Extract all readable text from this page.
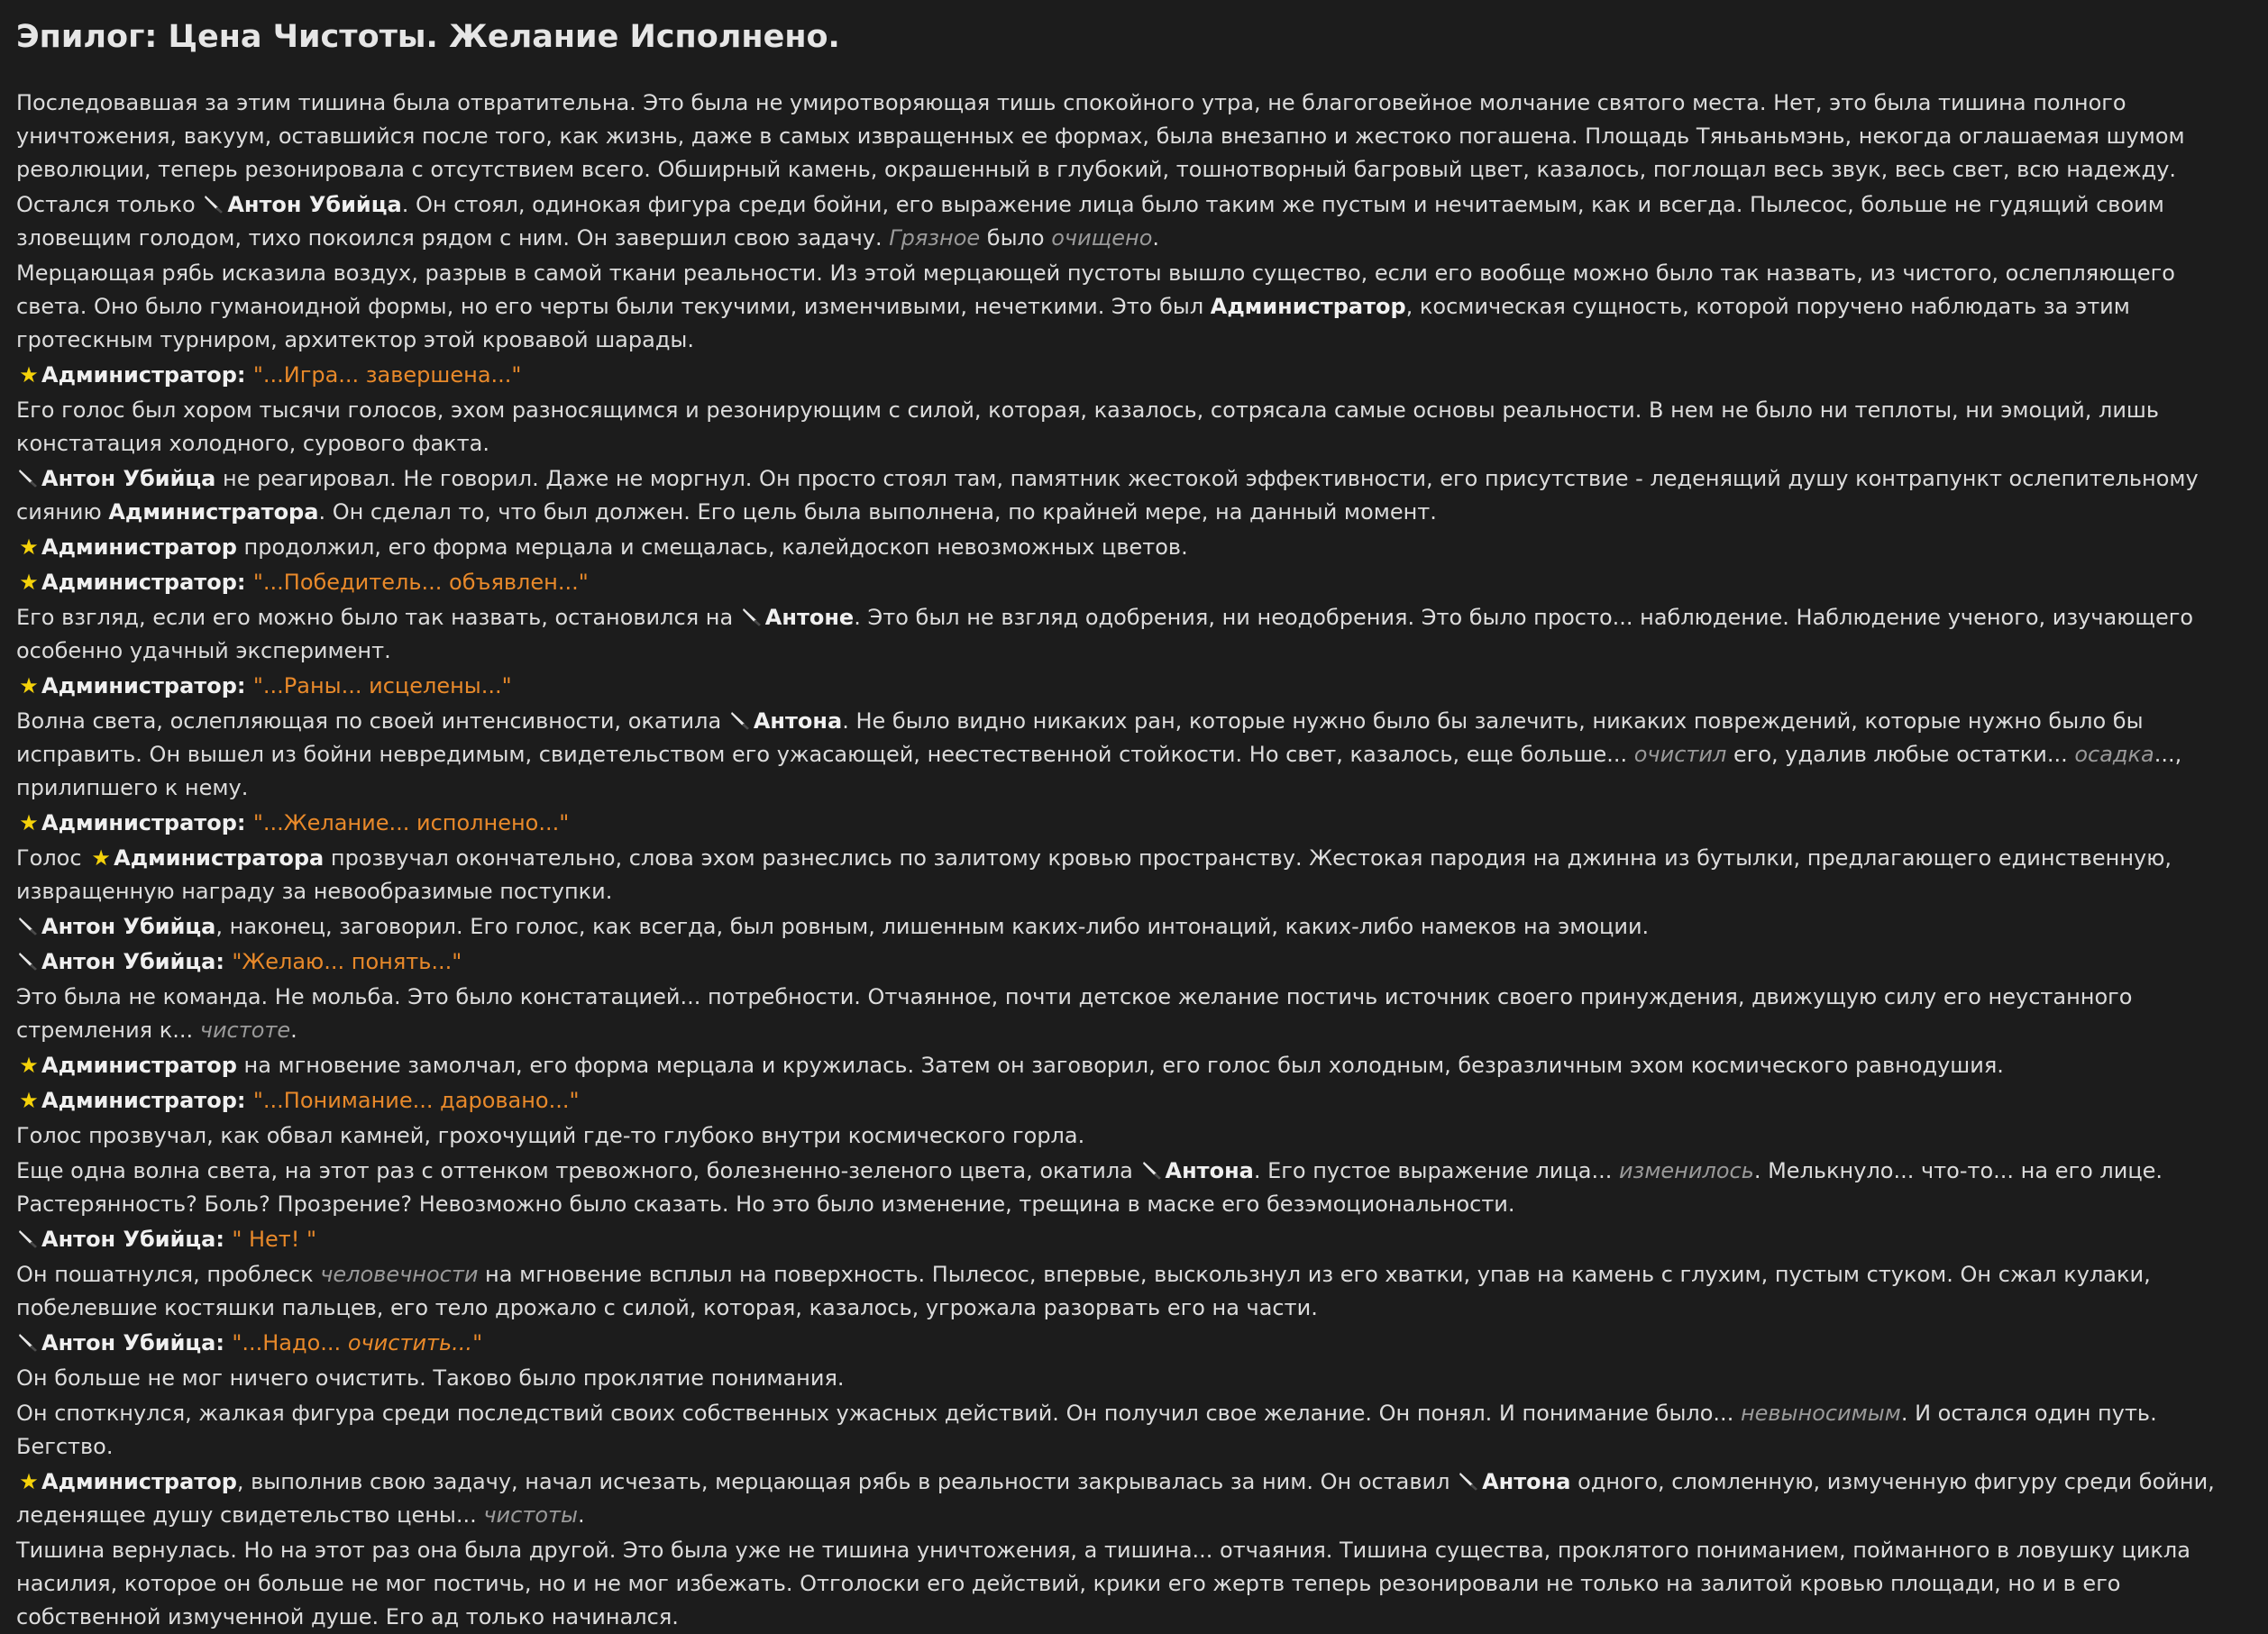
Эпилог: Цена Чистоты. Желание Исполнено.
Последовавшая за этим тишина была отвратительна. Это была не умиротворяющая тишь спокойного утра, не благоговейное молчание святого места. Нет, это была тишина полного уничтожения, вакуум, оставшийся после того, как жизнь, даже в самых извращенных ее формах, была внезапно и жестоко погашена. Площадь Тяньаньмэнь, некогда оглашаемая шумом революции, теперь резонировала с отсутствием всего. Обширный камень, окрашенный в глубокий, тошнотворный багровый цвет, казалось, поглощал весь звук, весь свет, всю надежду.
Остался только Антон Убийца. Он стоял, одинокая фигура среди бойни, его выражение лица было таким же пустым и нечитаемым, как и всегда. Пылесос, больше не гудящий своим зловещим голодом, тихо покоился рядом с ним. Он завершил свою задачу. Грязное было очищено.
Мерцающая рябь исказила воздух, разрыв в самой ткани реальности. Из этой мерцающей пустоты вышло существо, если его вообще можно было так назвать, из чистого, ослепляющего света. Оно было гуманоидной формы, но его черты были текучими, изменчивыми, нечеткими. Это был Администратор, космическая сущность, которой поручено наблюдать за этим гротескным турниром, архитектор этой кровавой шарады.
★ Администратор: "...Игра... завершена..."
Его голос был хором тысячи голосов, эхом разносящимся и резонирующим с силой, которая, казалось, сотрясала самые основы реальности. В нем не было ни теплоты, ни эмоций, лишь констатация холодного, сурового факта.
Антон Убийца не реагировал. Не говорил. Даже не моргнул. Он просто стоял там, памятник жестокой эффективности, его присутствие - леденящий душу контрапункт ослепительному сиянию Администратора. Он сделал то, что был должен. Его цель была выполнена, по крайней мере, на данный момент.
★ Администратор продолжил, его форма мерцала и смещалась, калейдоскоп невозможных цветов.
★ Администратор: "...Победитель... объявлен..."
Его взгляд, если его можно было так назвать, остановился на Антоне. Это был не взгляд одобрения, ни неодобрения. Это было просто... наблюдение. Наблюдение ученого, изучающего особенно удачный эксперимент.
★ Администратор: "...Раны... исцелены..."
Волна света, ослепляющая по своей интенсивности, окатила Антона. Не было видно никаких ран, которые нужно было бы залечить, никаких повреждений, которые нужно было бы исправить. Он вышел из бойни невредимым, свидетельством его ужасающей, неестественной стойкости. Но свет, казалось, еще больше... очистил его, удалив любые остатки... осадка..., прилипшего к нему.
★ Администратор: "...Желание... исполнено..."
Голос ★ Администратора прозвучал окончательно, слова эхом разнеслись по залитому кровью пространству. Жестокая пародия на джинна из бутылки, предлагающего единственную, извращенную награду за невообразимые поступки.
Антон Убийца, наконец, заговорил. Его голос, как всегда, был ровным, лишенным каких-либо интонаций, каких-либо намеков на эмоции.
Антон Убийца: "Желаю... понять..."
Это была не команда. Не мольба. Это было констатацией... потребности. Отчаянное, почти детское желание постичь источник своего принуждения, движущую силу его неустанного стремления к... чистоте.
★ Администратор на мгновение замолчал, его форма мерцала и кружилась. Затем он заговорил, его голос был холодным, безразличным эхом космического равнодушия.
★ Администратор: "...Понимание... даровано..."
Голос прозвучал, как обвал камней, грохочущий где-то глубоко внутри космического горла.
Еще одна волна света, на этот раз с оттенком тревожного, болезненно-зеленого цвета, окатила Антона. Его пустое выражение лица... изменилось. Мелькнуло... что-то... на его лице. Растерянность? Боль? Прозрение? Невозможно было сказать. Но это было изменение, трещина в маске его безэмоциональности.
Антон Убийца: " Нет! "
Он пошатнулся, проблеск человечности на мгновение всплыл на поверхность. Пылесос, впервые, выскользнул из его хватки, упав на камень с глухим, пустым стуком. Он сжал кулаки, побелевшие костяшки пальцев, его тело дрожало с силой, которая, казалось, угрожала разорвать его на части.
Антон Убийца: "...Надо... очистить..."
Он больше не мог ничего очистить. Таково было проклятие понимания.
Он споткнулся, жалкая фигура среди последствий своих собственных ужасных действий. Он получил свое желание. Он понял. И понимание было... невыносимым. И остался один путь. Бегство.
★ Администратор, выполнив свою задачу, начал исчезать, мерцающая рябь в реальности закрывалась за ним. Он оставил Антона одного, сломленную, измученную фигуру среди бойни, леденящее душу свидетельство цены... чистоты.
Тишина вернулась. Но на этот раз она была другой. Это была уже не тишина уничтожения, а тишина... отчаяния. Тишина существа, проклятого пониманием, пойманного в ловушку цикла насилия, которое он больше не мог постичь, но и не мог избежать. Отголоски его действий, крики его жертв теперь резонировали не только на залитой кровью площади, но и в его собственной измученной душе. Его ад только начинался.
